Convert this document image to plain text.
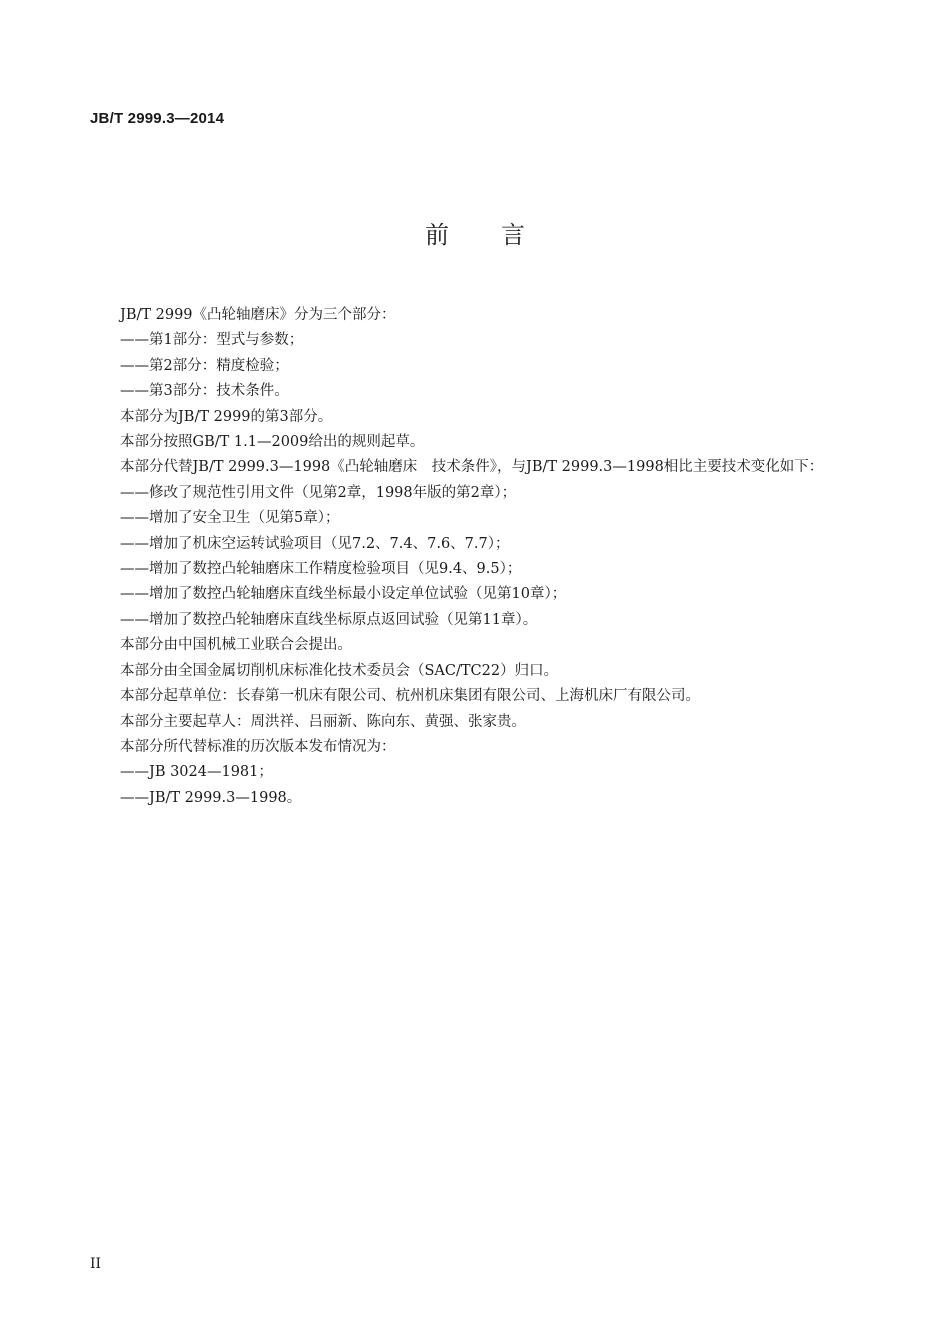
JB/T 2999.3—2014
前言

JB/T 2999《凸轮轴磨床》分为三个部分：

——第1部分：型式与参数；

——第2部分：精度检验；

——第3部分：技术条件。

本部分为JB/T 2999的第3部分。

本部分按照GB/T 1.1—2009给出的规则起草。

本部分代替JB/T 2999.3—1998《凸轮轴磨床　技术条件》，与JB/T 2999.3—1998相比主要技术变化如下：

——修改了规范性引用文件（见第2章，1998年版的第2章）；

——增加了安全卫生（见第5章）；

——增加了机床空运转试验项目（见7.2、7.4、7.6、7.7）；

——增加了数控凸轮轴磨床工作精度检验项目（见9.4、9.5）；

——增加了数控凸轮轴磨床直线坐标最小设定单位试验（见第10章）；

——增加了数控凸轮轴磨床直线坐标原点返回试验（见第11章）。

本部分由中国机械工业联合会提出。

本部分由全国金属切削机床标准化技术委员会（SAC/TC22）归口。

本部分起草单位：长春第一机床有限公司、杭州机床集团有限公司、上海机床厂有限公司。

本部分主要起草人：周洪祥、吕丽新、陈向东、黄强、张家贵。

本部分所代替标准的历次版本发布情况为：

——JB 3024—1981；

——JB/T 2999.3—1998。

II
